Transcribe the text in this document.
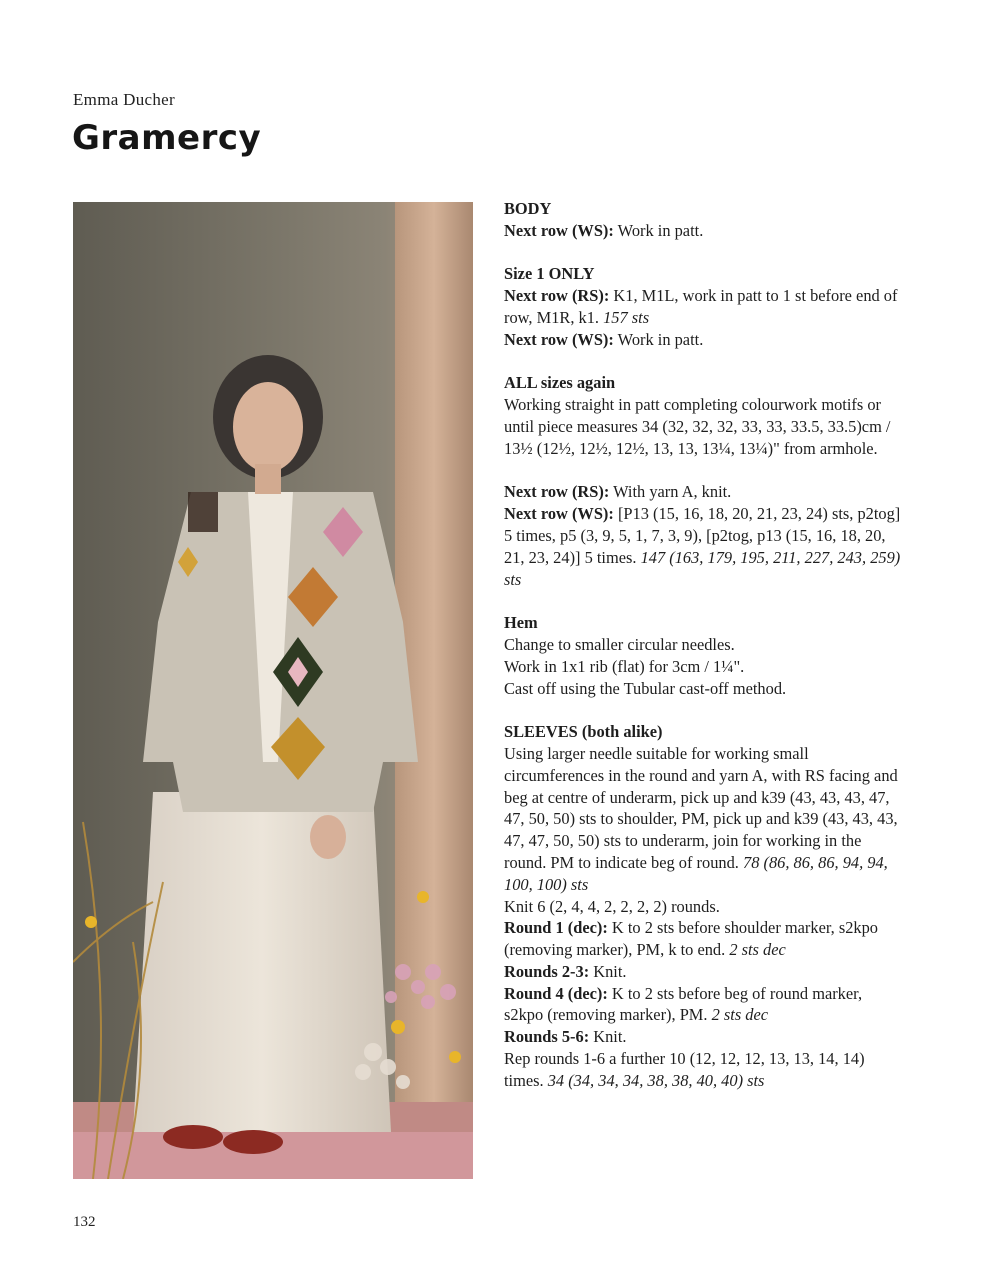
Emma Ducher
Gramercy

BODY

Next row (WS): Work in patt.

Size 1 ONLY

Next row (RS): K1, M1L, work in patt to 1 st before end of row, M1R, k1. 157 sts

Next row (WS): Work in patt.

ALL sizes again

Working straight in patt completing colourwork motifs or until piece measures 34 (32, 32, 32, 33, 33, 33.5, 33.5)cm / 13½ (12½, 12½, 12½, 13, 13, 13¼, 13¼)" from armhole.

Next row (RS): With yarn A, knit.

Next row (WS): [P13 (15, 16, 18, 20, 21, 23, 24) sts, p2tog] 5 times, p5 (3, 9, 5, 1, 7, 3, 9), [p2tog, p13 (15, 16, 18, 20, 21, 23, 24)] 5 times. 147 (163, 179, 195, 211, 227, 243, 259) sts

Hem

Change to smaller circular needles.

Work in 1x1 rib (flat) for 3cm / 1¼".

Cast off using the Tubular cast-off method.

SLEEVES (both alike)

Using larger needle suitable for working small circumferences in the round and yarn A, with RS facing and beg at centre of underarm, pick up and k39 (43, 43, 43, 47, 47, 50, 50) sts to shoulder, PM, pick up and k39 (43, 43, 43, 47, 47, 50, 50) sts to underarm, join for working in the round. PM to indicate beg of round. 78 (86, 86, 86, 94, 94, 100, 100) sts

Knit 6 (2, 4, 4, 2, 2, 2, 2) rounds.

Round 1 (dec): K to 2 sts before shoulder marker, s2kpo (removing marker), PM, k to end. 2 sts dec

Rounds 2-3: Knit.

Round 4 (dec): K to 2 sts before beg of round marker, s2kpo (removing marker), PM. 2 sts dec

Rounds 5-6: Knit.

Rep rounds 1-6 a further 10 (12, 12, 12, 13, 13, 14, 14) times. 34 (34, 34, 34, 38, 38, 40, 40) sts

132
